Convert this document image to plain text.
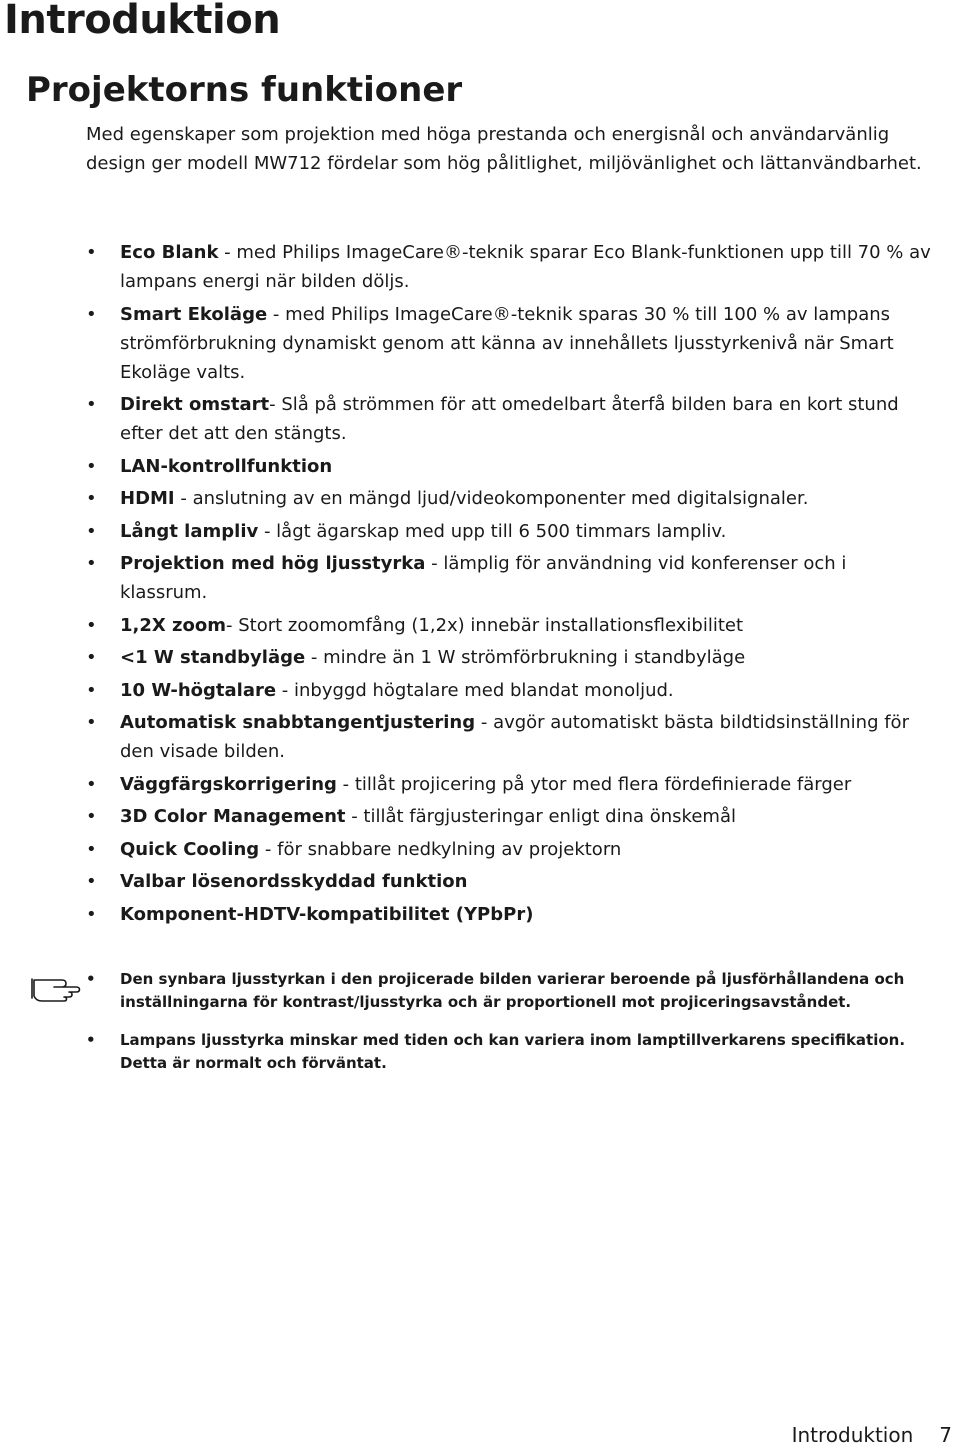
Introduktion
Projektorns funktioner

Med egenskaper som projektion med höga prestanda och energisnål och användarvänlig design ger modell MW712 fördelar som hög pålitlighet, miljövänlighet och lättanvändbarhet.

•	Eco Blank - med Philips ImageCare®-teknik sparar Eco Blank-funktionen upp till 70 % av lampans energi när bilden döljs.
•	Smart Ekoläge - med Philips ImageCare®-teknik sparas 30 % till 100 % av lampans strömförbrukning dynamiskt genom att känna av innehållets ljusstyrkenivå när Smart Ekoläge valts.
•	Direkt omstart- Slå på strömmen för att omedelbart återfå bilden bara en kort stund efter det att den stängts.
•	LAN-kontrollfunktion
•	HDMI - anslutning av en mängd ljud/videokomponenter med digitalsignaler.
•	Långt lampliv - lågt ägarskap med upp till 6 500 timmars lampliv.
•	Projektion med hög ljusstyrka - lämplig för användning vid konferenser och i klassrum.
•	1,2X zoom- Stort zoomomfång (1,2x) innebär installationsflexibilitet
•	<1 W standbyläge - mindre än 1 W strömförbrukning i standbyläge
•	10 W-högtalare - inbyggd högtalare med blandat monoljud.
•	Automatisk snabbtangentjustering - avgör automatiskt bästa bildtidsinställning för den visade bilden.
•	Väggfärgskorrigering - tillåt projicering på ytor med flera fördefinierade färger
•	3D Color Management - tillåt färgjusteringar enligt dina önskemål
•	Quick Cooling - för snabbare nedkylning av projektorn
•	Valbar lösenordsskyddad funktion
•	Komponent-HDTV-kompatibilitet (YPbPr)
•	Den synbara ljusstyrkan i den projicerade bilden varierar beroende på ljusförhållandena och inställningarna för kontrast/ljusstyrka och är proportionell mot projiceringsavståndet.
•	Lampans ljusstyrka minskar med tiden och kan variera inom lamptillverkarens specifikation. Detta är normalt och förväntat.
Introduktion 7
